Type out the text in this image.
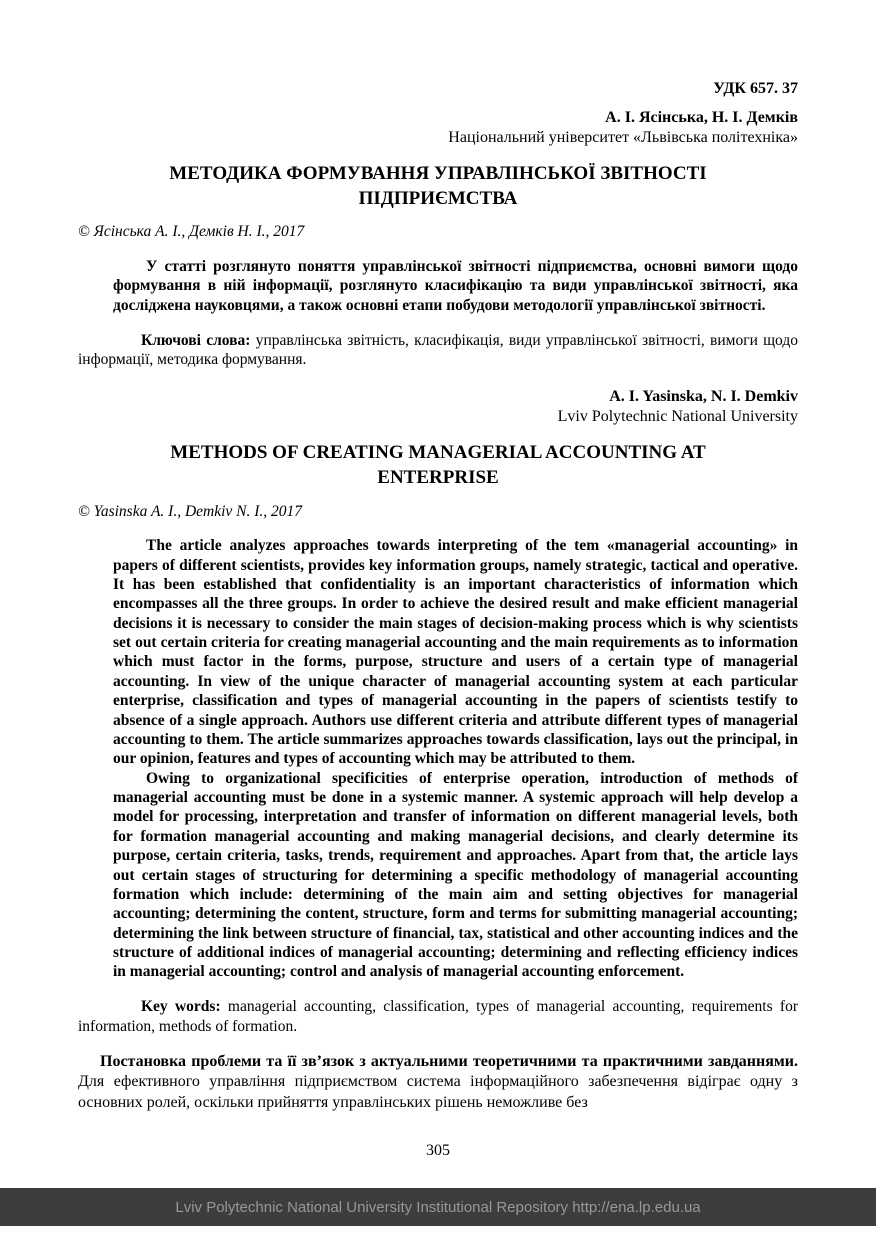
УДК 657. 37
А. І. Ясінська, Н. І. Демків
Національний університет «Львівська політехніка»
МЕТОДИКА ФОРМУВАННЯ УПРАВЛІНСЬКОЇ ЗВІТНОСТІ ПІДПРИЄМСТВА
© Ясінська А. І., Демків Н. І., 2017

У статті розглянуто поняття управлінської звітності підприємства, основні вимоги щодо формування в ній інформації, розглянуто класифікацію та види управлінської звітності, яка досліджена науковцями, а також основні етапи побудови методології управлінської звітності.

Ключові слова: управлінська звітність, класифікація, види управлінської звітності, вимоги щодо інформації, методика формування.

A. I. Yasinska, N. I. Demkiv
Lviv Polytechnic National University
METHODS OF CREATING MANAGERIAL ACCOUNTING AT ENTERPRISE
© Yasinska A. I., Demkiv N. I., 2017

The article analyzes approaches towards interpreting of the tem «managerial accounting» in papers of different scientists, provides key information groups, namely strategic, tactical and operative. It has been established that confidentiality is an important characteristics of information which encompasses all the three groups. In order to achieve the desired result and make efficient managerial decisions it is necessary to consider the main stages of decision-making process which is why scientists set out certain criteria for creating managerial accounting and the main requirements as to information which must factor in the forms, purpose, structure and users of a certain type of managerial accounting. In view of the unique character of managerial accounting system at each particular enterprise, classification and types of managerial accounting in the papers of scientists testify to absence of a single approach. Authors use different criteria and attribute different types of managerial accounting to them. The article summarizes approaches towards classification, lays out the principal, in our opinion, features and types of accounting which may be attributed to them.

Owing to organizational specificities of enterprise operation, introduction of methods of managerial accounting must be done in a systemic manner. A systemic approach will help develop a model for processing, interpretation and transfer of information on different managerial levels, both for formation managerial accounting and making managerial decisions, and clearly determine its purpose, certain criteria, tasks, trends, requirement and approaches. Apart from that, the article lays out certain stages of structuring for determining a specific methodology of managerial accounting formation which include: determining of the main aim and setting objectives for managerial accounting; determining the content, structure, form and terms for submitting managerial accounting; determining the link between structure of financial, tax, statistical and other accounting indices and the structure of additional indices of managerial accounting; determining and reflecting efficiency indices in managerial accounting; control and analysis of managerial accounting enforcement.

Key words: managerial accounting, classification, types of managerial accounting, requirements for information, methods of formation.

Постановка проблеми та її зв’язок з актуальними теоретичними та практичними завданнями. Для ефективного управління підприємством система інформаційного забезпечення відіграє одну з основних ролей, оскільки прийняття управлінських рішень неможливе без

305
Lviv Polytechnic National University Institutional Repository http://ena.lp.edu.ua
